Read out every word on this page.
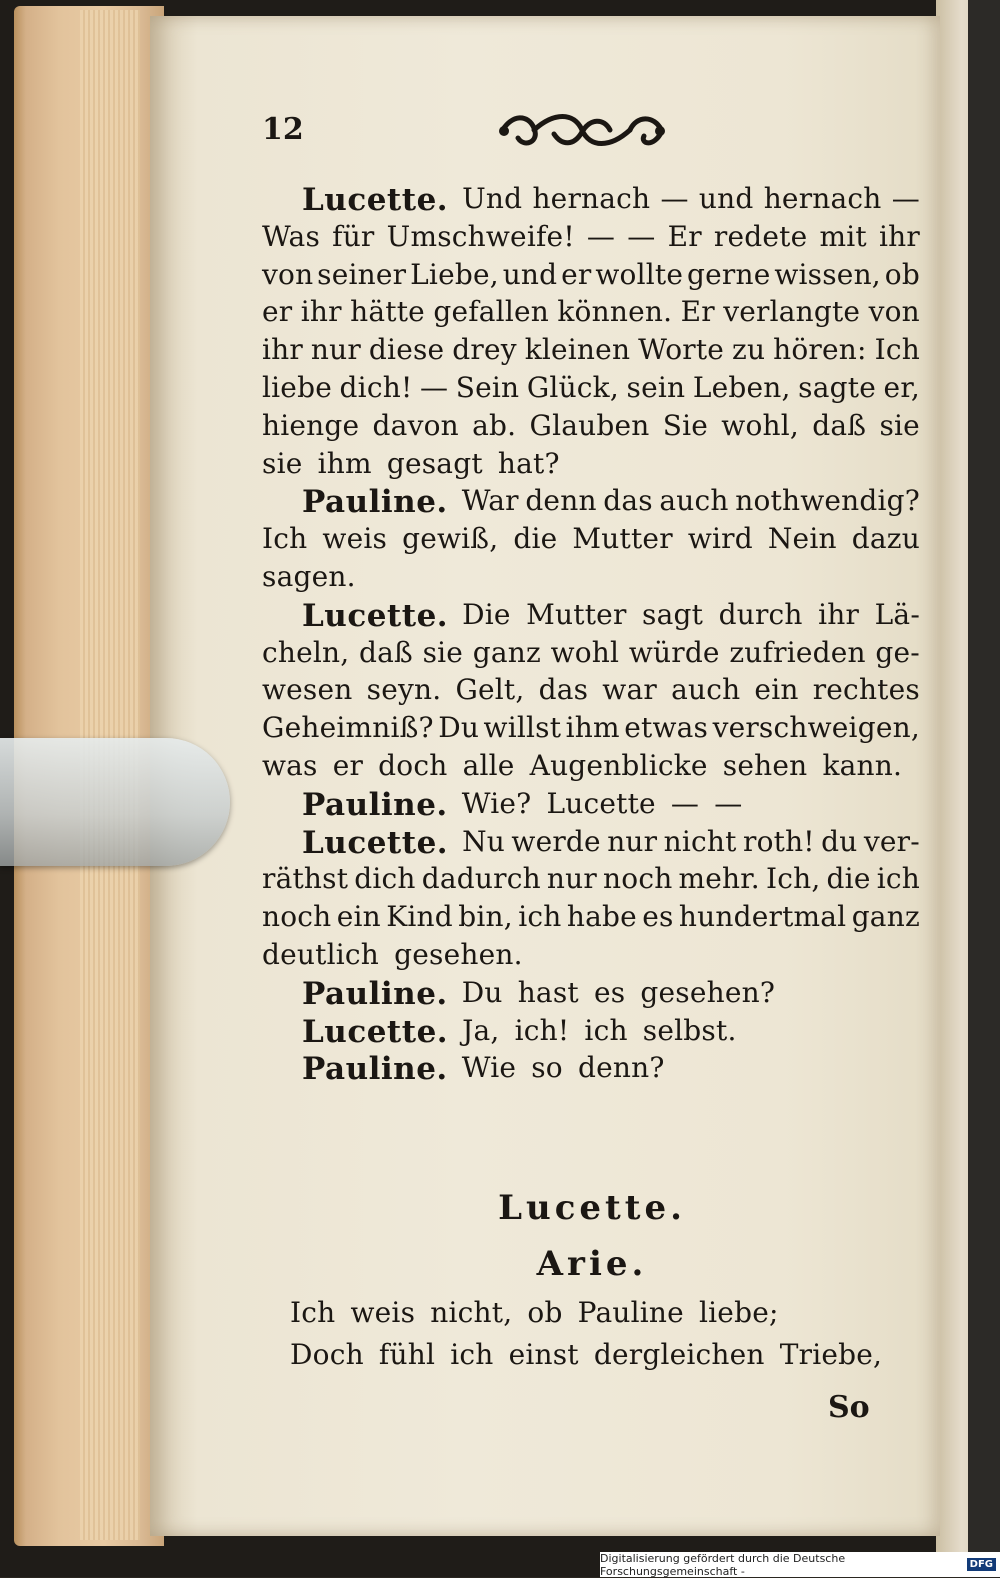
12
Lucette. Und hernach — und hernach —
Was für Umschweife! — — Er redete mit ihr
von seiner Liebe, und er wollte gerne wissen, ob
er ihr hätte gefallen können. Er verlangte von
ihr nur diese drey kleinen Worte zu hören: Ich
liebe dich! — Sein Glück, sein Leben, sagte er,
hienge davon ab. Glauben Sie wohl, daß sie
sie ihm gesagt hat?
Pauline. War denn das auch nothwendig?
Ich weis gewiß, die Mutter wird Nein dazu
sagen.
Lucette. Die Mutter sagt durch ihr Lä-
cheln, daß sie ganz wohl würde zufrieden ge-
wesen seyn. Gelt, das war auch ein rechtes
Geheimniß? Du willst ihm etwas verschweigen,
was er doch alle Augenblicke sehen kann.
Pauline. Wie? Lucette — —
Lucette. Nu werde nur nicht roth! du ver-
räthst dich dadurch nur noch mehr. Ich, die ich
noch ein Kind bin, ich habe es hundertmal ganz
deutlich gesehen.
Pauline. Du hast es gesehen?
Lucette. Ja, ich! ich selbst.
Pauline. Wie so denn?
Lucette.
Arie.
Ich weis nicht, ob Pauline liebe;
Doch fühl ich einst dergleichen Triebe,
So
Digitalisierung gefördert durch die Deutsche Forschungsgemeinschaft -	DFG
